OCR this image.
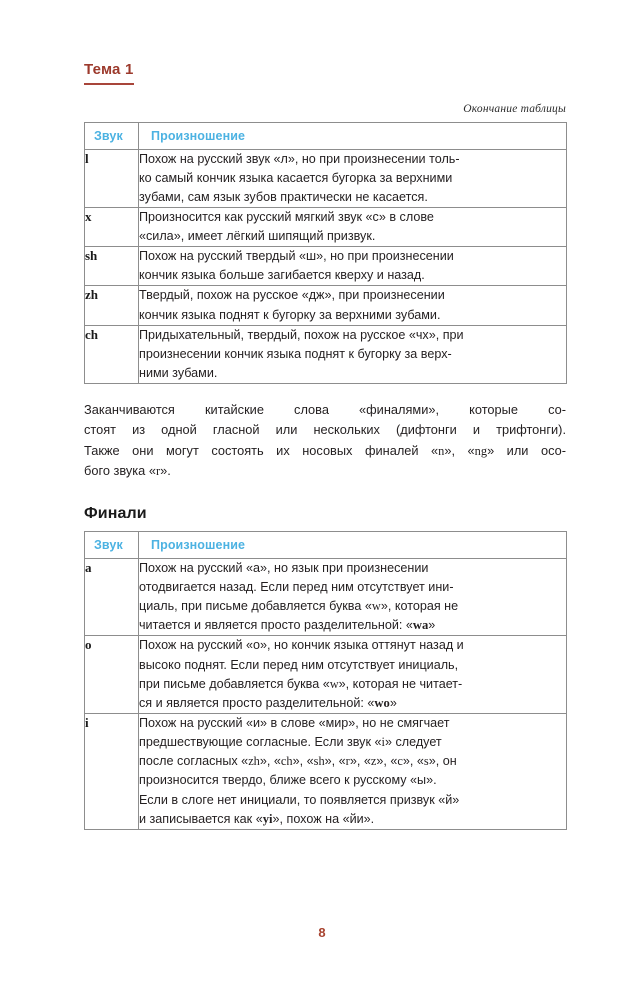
Тема 1
Окончание таблицы
Звук	Произношение
l	Похож на русский звук «л», но при произнесении толь-
ко самый кончик языка касается бугорка за верхними
зубами, сам язык зубов практически не касается.

x	Произносится как русский мягкий звук «с» в слове
«сила», имеет лёгкий шипящий призвук.

sh	Похож на русский твердый «ш», но при произнесении
кончик языка больше загибается кверху и назад.

zh	Твердый, похож на русское «дж», при произнесении
кончик языка поднят к бугорку за верхними зубами.

ch	Придыхательный, твердый, похож на русское «чх», при
произнесении кончик языка поднят к бугорку за верх-
ними зубами.
Заканчиваются китайские слова «финалями», которые со-
стоят из одной гласной или нескольких (дифтонги и трифтонги).
Также они могут состоять их носовых финалей «n», «ng» или осо-
бого звука «r».
Финали
Звук	Произношение
a	Похож на русский «а», но язык при произнесении
отодвигается назад. Если перед ним отсутствует ини-
циаль, при письме добавляется буква «w», которая не
читается и является просто разделительной: «wa»

o	Похож на русский «о», но кончик языка оттянут назад и
высоко поднят. Если перед ним отсутствует инициаль,
при письме добавляется буква «w», которая не читает-
ся и является просто разделительной: «wo»

i	Похож на русский «и» в слове «мир», но не смягчает
предшествующие согласные. Если звук «i» следует
после согласных «zh», «ch», «sh», «r», «z», «c», «s», он
произносится твердо, ближе всего к русскому «ы».
Если в слоге нет инициали, то появляется призвук «й»
и записывается как «yi», похож на «йи».
8
